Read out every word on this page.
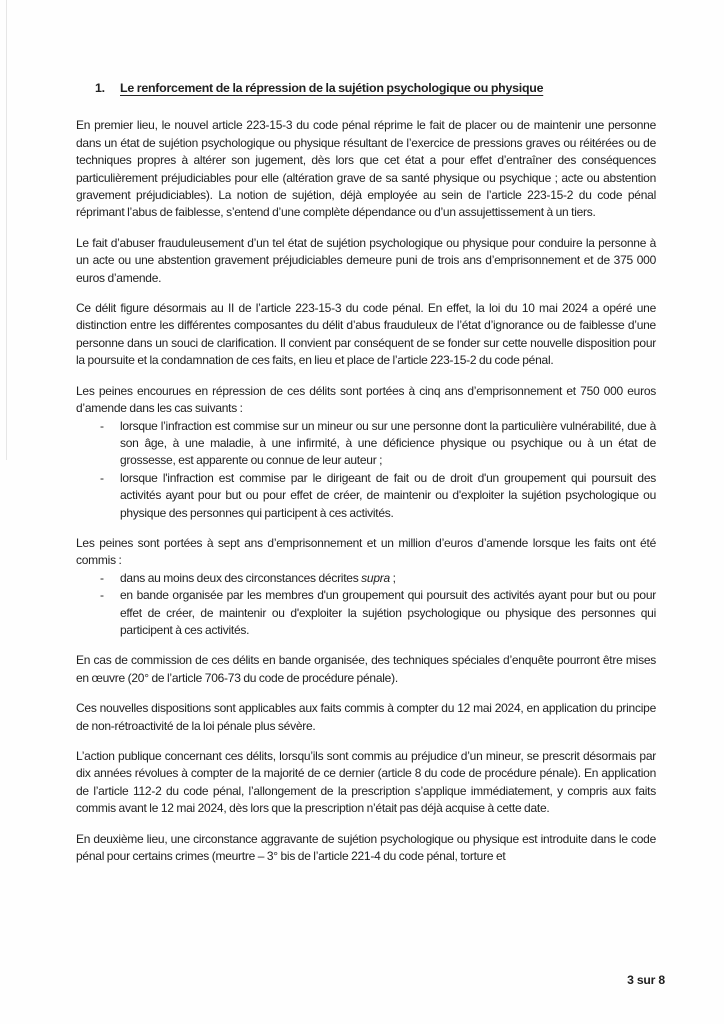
1.	Le renforcement de la répression de la sujétion psychologique ou physique

En premier lieu, le nouvel article 223-15-3 du code pénal réprime le fait de placer ou de maintenir une personne dans un état de sujétion psychologique ou physique résultant de l’exercice de pressions graves ou réitérées ou de techniques propres à altérer son jugement, dès lors que cet état a pour effet d’entraîner des conséquences particulièrement préjudiciables pour elle (altération grave de sa santé physique ou psychique ; acte ou abstention gravement préjudiciables). La notion de sujétion, déjà employée au sein de l’article 223-15-2 du code pénal réprimant l’abus de faiblesse, s’entend d’une complète dépendance ou d’un assujettissement à un tiers.

Le fait d’abuser frauduleusement d’un tel état de sujétion psychologique ou physique pour conduire la personne à un acte ou une abstention gravement préjudiciables demeure puni de trois ans d’emprisonnement et de 375 000 euros d’amende.

Ce délit figure désormais au II de l’article 223-15-3 du code pénal. En effet, la loi du 10 mai 2024 a opéré une distinction entre les différentes composantes du délit d’abus frauduleux de l’état d’ignorance ou de faiblesse d’une personne dans un souci de clarification. Il convient par conséquent de se fonder sur cette nouvelle disposition pour la poursuite et la condamnation de ces faits, en lieu et place de l’article 223-15-2 du code pénal.

Les peines encourues en répression de ces délits sont portées à cinq ans d’emprisonnement et 750 000 euros d’amende dans les cas suivants :

-	lorsque l’infraction est commise sur un mineur ou sur une personne dont la particulière vulnérabilité, due à son âge, à une maladie, à une infirmité, à une déficience physique ou psychique ou à un état de grossesse, est apparente ou connue de leur auteur ;
-	lorsque l'infraction est commise par le dirigeant de fait ou de droit d'un groupement qui poursuit des activités ayant pour but ou pour effet de créer, de maintenir ou d'exploiter la sujétion psychologique ou physique des personnes qui participent à ces activités.

Les peines sont portées à sept ans d’emprisonnement et un million d’euros d’amende lorsque les faits ont été commis :

-	dans au moins deux des circonstances décrites supra ;
-	en bande organisée par les membres d'un groupement qui poursuit des activités ayant pour but ou pour effet de créer, de maintenir ou d'exploiter la sujétion psychologique ou physique des personnes qui participent à ces activités.

En cas de commission de ces délits en bande organisée, des techniques spéciales d’enquête pourront être mises en œuvre (20° de l’article 706-73 du code de procédure pénale).

Ces nouvelles dispositions sont applicables aux faits commis à compter du 12 mai 2024, en application du principe de non-rétroactivité de la loi pénale plus sévère.

L’action publique concernant ces délits, lorsqu’ils sont commis au préjudice d’un mineur, se prescrit désormais par dix années révolues à compter de la majorité de ce dernier (article 8 du code de procédure pénale). En application de l’article 112-2 du code pénal, l’allongement de la prescription s’applique immédiatement, y compris aux faits commis avant le 12 mai 2024, dès lors que la prescription n’était pas déjà acquise à cette date.

En deuxième lieu, une circonstance aggravante de sujétion psychologique ou physique est introduite dans le code pénal pour certains crimes (meurtre – 3° bis de l’article 221-4 du code pénal, torture et

3 sur 8
